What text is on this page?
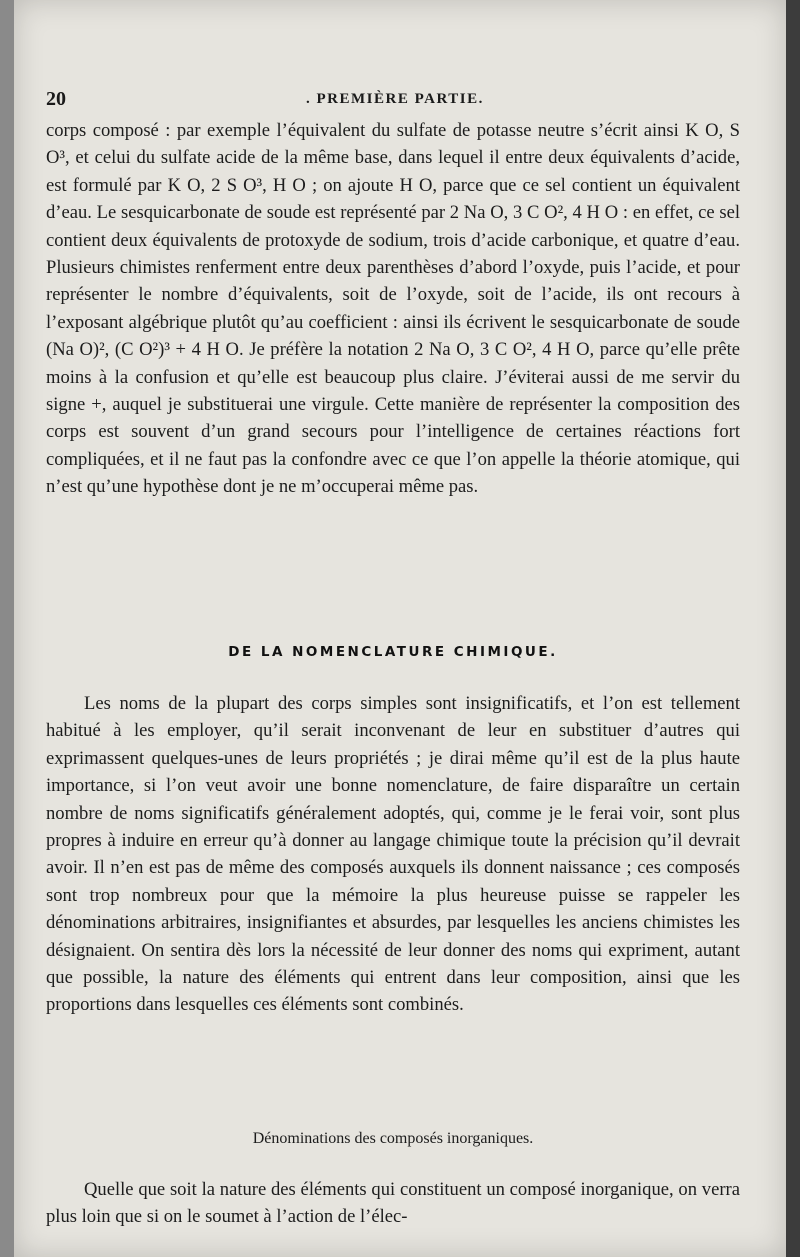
20	. PREMIÈRE PARTIE.

corps composé : par exemple l’équivalent du sulfate de potasse neutre s’écrit ainsi K O, S O³, et celui du sulfate acide de la même base, dans lequel il entre deux équivalents d’acide, est formulé par K O, 2 S O³, H O ; on ajoute H O, parce que ce sel contient un équivalent d’eau. Le sesquicarbonate de soude est représenté par 2 Na O, 3 C O², 4 H O : en effet, ce sel contient deux équivalents de protoxyde de sodium, trois d’acide carbonique, et quatre d’eau. Plusieurs chimistes renferment entre deux parenthèses d’abord l’oxyde, puis l’acide, et pour représenter le nombre d’équivalents, soit de l’oxyde, soit de l’acide, ils ont recours à l’exposant algébrique plutôt qu’au coefficient : ainsi ils écrivent le sesquicarbonate de soude (Na O)², (C O²)³ + 4 H O. Je préfère la notation 2 Na O, 3 C O², 4 H O, parce qu’elle prête moins à la confusion et qu’elle est beaucoup plus claire. J’éviterai aussi de me servir du signe +, auquel je substituerai une virgule. Cette manière de représenter la composition des corps est souvent d’un grand secours pour l’intelligence de certaines réactions fort compliquées, et il ne faut pas la confondre avec ce que l’on appelle la théorie atomique, qui n’est qu’une hypothèse dont je ne m’occuperai même pas.

DE LA NOMENCLATURE CHIMIQUE.

Les noms de la plupart des corps simples sont insignificatifs, et l’on est tellement habitué à les employer, qu’il serait inconvenant de leur en substituer d’autres qui exprimassent quelques-unes de leurs propriétés ; je dirai même qu’il est de la plus haute importance, si l’on veut avoir une bonne nomenclature, de faire disparaître un certain nombre de noms significatifs généralement adoptés, qui, comme je le ferai voir, sont plus propres à induire en erreur qu’à donner au langage chimique toute la précision qu’il devrait avoir. Il n’en est pas de même des composés auxquels ils donnent naissance ; ces composés sont trop nombreux pour que la mémoire la plus heureuse puisse se rappeler les dénominations arbitraires, insignifiantes et absurdes, par lesquelles les anciens chimistes les désignaient. On sentira dès lors la nécessité de leur donner des noms qui expriment, autant que possible, la nature des éléments qui entrent dans leur composition, ainsi que les proportions dans lesquelles ces éléments sont combinés.

Dénominations des composés inorganiques.

Quelle que soit la nature des éléments qui constituent un composé inorganique, on verra plus loin que si on le soumet à l’action de l’élec-
